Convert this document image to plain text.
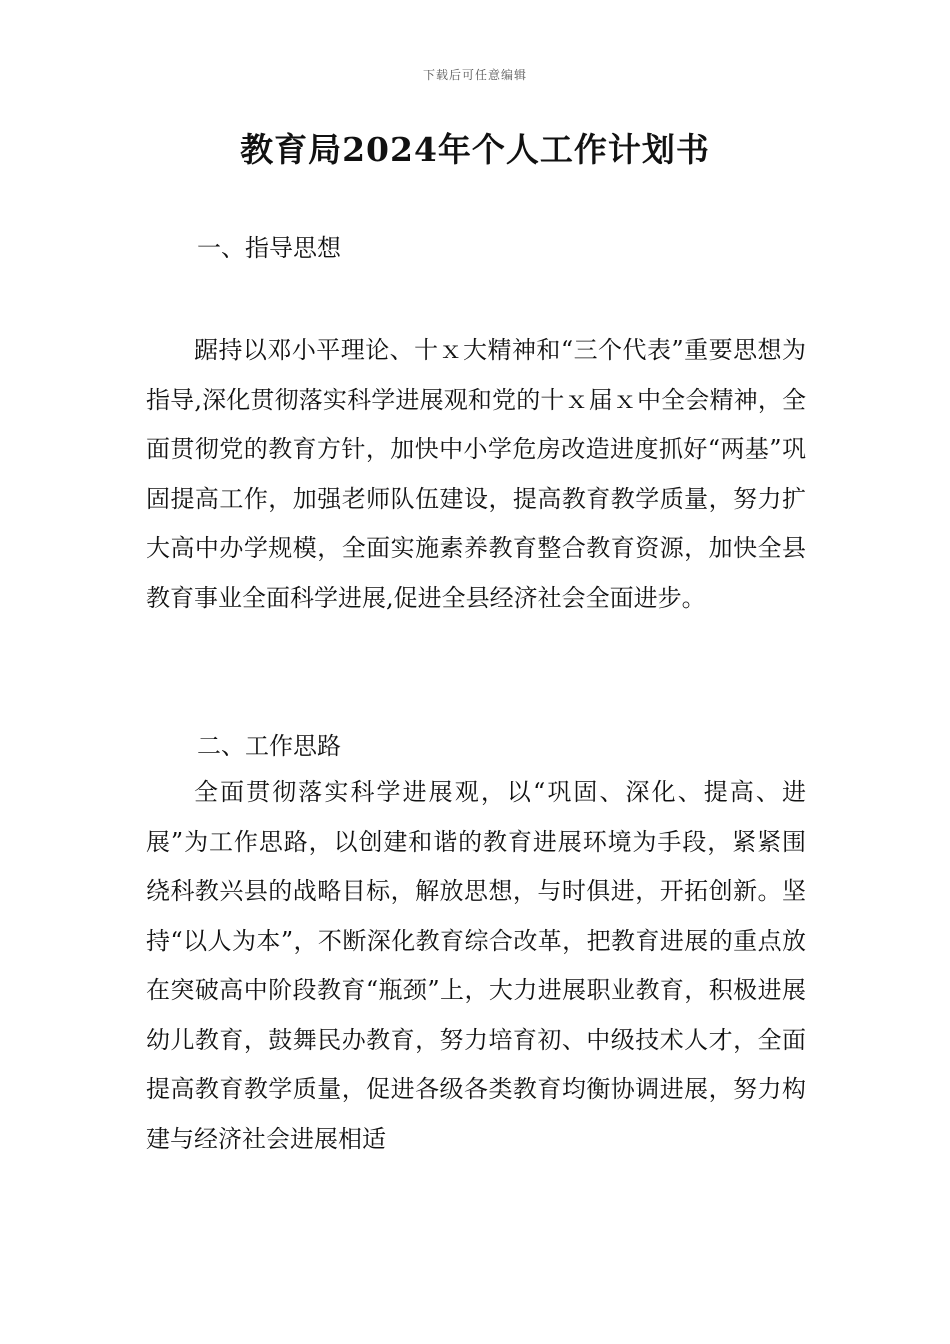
下载后可任意编辑
教育局2024年个人工作计划书
一、指导思想

踞持以邓小平理论、十ｘ大精神和“三个代表”重要思想为指导,深化贯彻落实科学进展观和党的十ｘ届ｘ中全会精神，全面贯彻党的教育方针，加快中小学危房改造进度抓好“两基”巩固提高工作，加强老师队伍建设，提高教育教学质量，努力扩大高中办学规模，全面实施素养教育整合教育资源，加快全县教育事业全面科学进展,促进全县经济社会全面进步。

二、工作思路

全面贯彻落实科学进展观，以“巩固、深化、提高、进展”为工作思路，以创建和谐的教育进展环境为手段，紧紧围绕科教兴县的战略目标，解放思想，与时俱进，开拓创新。坚持“以人为本”，不断深化教育综合改革，把教育进展的重点放在突破高中阶段教育“瓶颈”上，大力进展职业教育，积极进展幼儿教育，鼓舞民办教育，努力培育初、中级技术人才，全面提高教育教学质量，促进各级各类教育均衡协调进展，努力构建与经济社会进展相适
